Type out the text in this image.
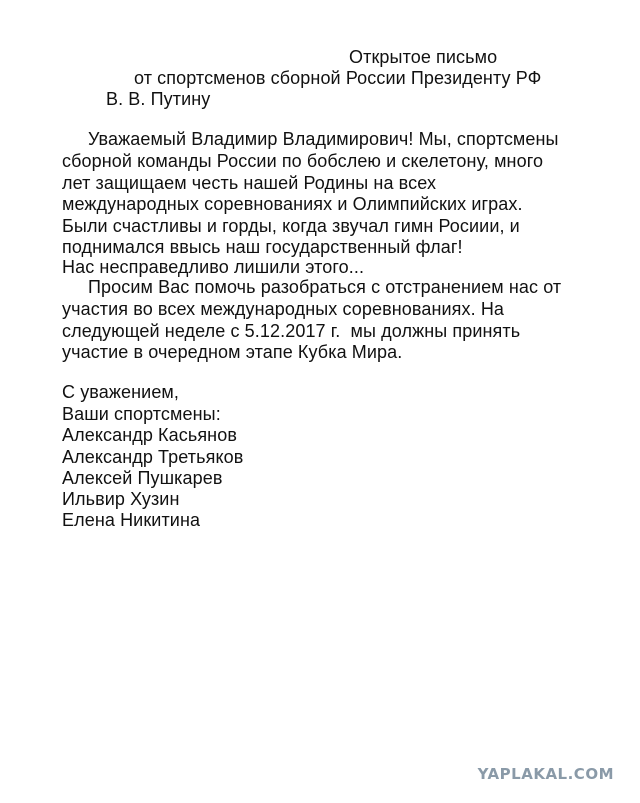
Открытое письмо
от спортсменов сборной России Президенту РФ
В. В. Путину
Уважаемый Владимир Владимирович! Мы, спортсмены
сборной команды России по бобслею и скелетону, много
лет защищаем честь нашей Родины на всех
международных соревнованиях и Олимпийских играх.
Были счастливы и горды, когда звучал гимн Росиии, и
поднимался ввысь наш государственный флаг!
Нас несправедливо лишили этого...
Просим Вас помочь разобраться с отстранением нас от
участия во всех международных соревнованиях. На
следующей неделе с 5.12.2017 г.  мы должны принять
участие в очередном этапе Кубка Мира.
С уважением,
Ваши спортсмены:
Александр Касьянов
Александр Третьяков
Алексей Пушкарев
Ильвир Хузин
Елена Никитина
YAPLAKAL.COM
